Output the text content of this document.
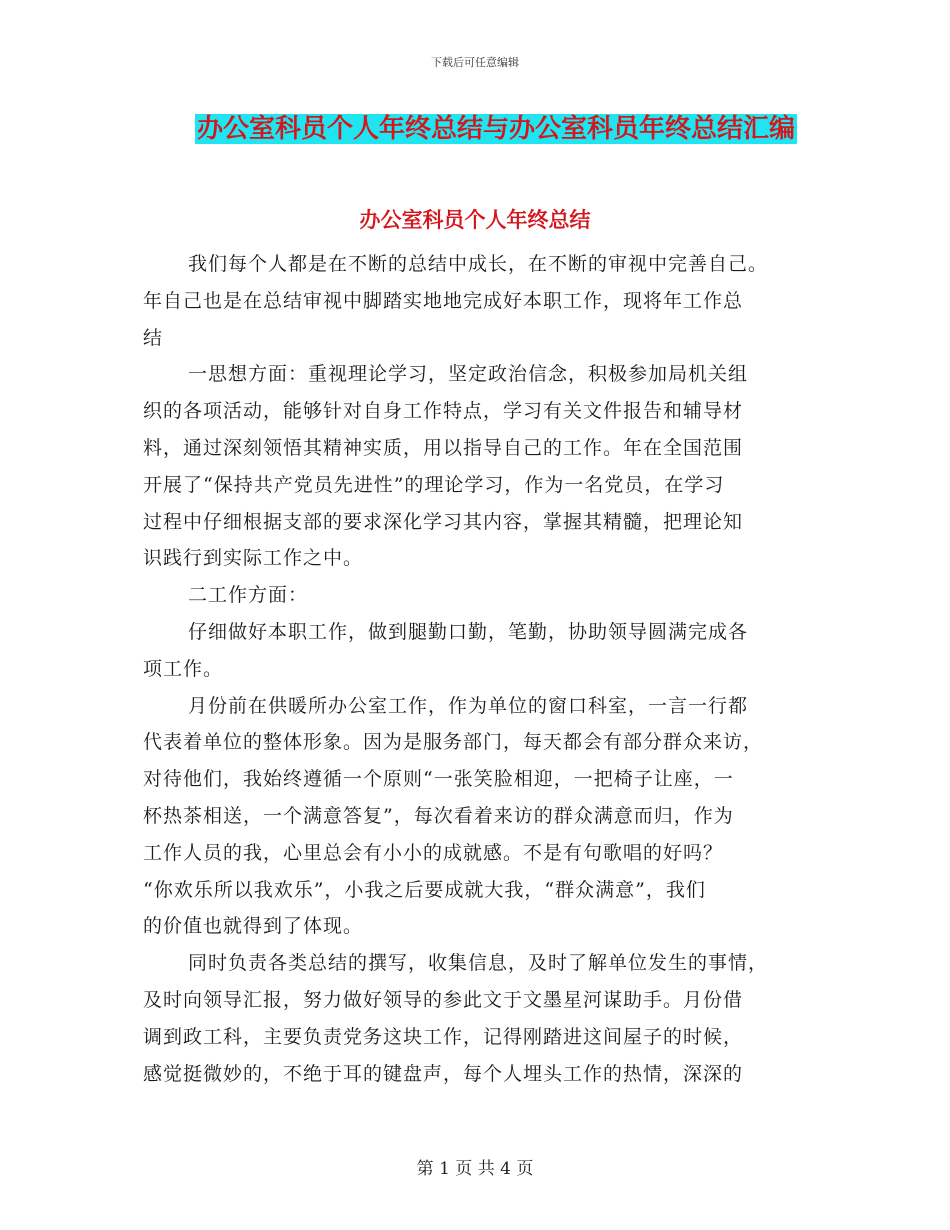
下载后可任意编辑
办公室科员个人年终总结与办公室科员年终总结汇编
办公室科员个人年终总结
我们每个人都是在不断的总结中成长，在不断的审视中完善自己。
年自己也是在总结审视中脚踏实地地完成好本职工作，现将年工作总
结
一思想方面：重视理论学习，坚定政治信念，积极参加局机关组
织的各项活动，能够针对自身工作特点，学习有关文件报告和辅导材
料，通过深刻领悟其精神实质，用以指导自己的工作。年在全国范围
开展了“保持共产党员先进性”的理论学习，作为一名党员，在学习
过程中仔细根据支部的要求深化学习其内容，掌握其精髓，把理论知
识践行到实际工作之中。
二工作方面：
仔细做好本职工作，做到腿勤口勤，笔勤，协助领导圆满完成各
项工作。
月份前在供暖所办公室工作，作为单位的窗口科室，一言一行都
代表着单位的整体形象。因为是服务部门，每天都会有部分群众来访，
对待他们，我始终遵循一个原则“一张笑脸相迎，一把椅子让座，一
杯热茶相送，一个满意答复”，每次看着来访的群众满意而归，作为
工作人员的我，心里总会有小小的成就感。不是有句歌唱的好吗？
“你欢乐所以我欢乐”，小我之后要成就大我，“群众满意”，我们
的价值也就得到了体现。
同时负责各类总结的撰写，收集信息，及时了解单位发生的事情，
及时向领导汇报，努力做好领导的参此文于文墨星河谋助手。月份借
调到政工科，主要负责党务这块工作，记得刚踏进这间屋子的时候，
感觉挺微妙的，不绝于耳的键盘声，每个人埋头工作的热情，深深的
第 1 页 共 4 页
